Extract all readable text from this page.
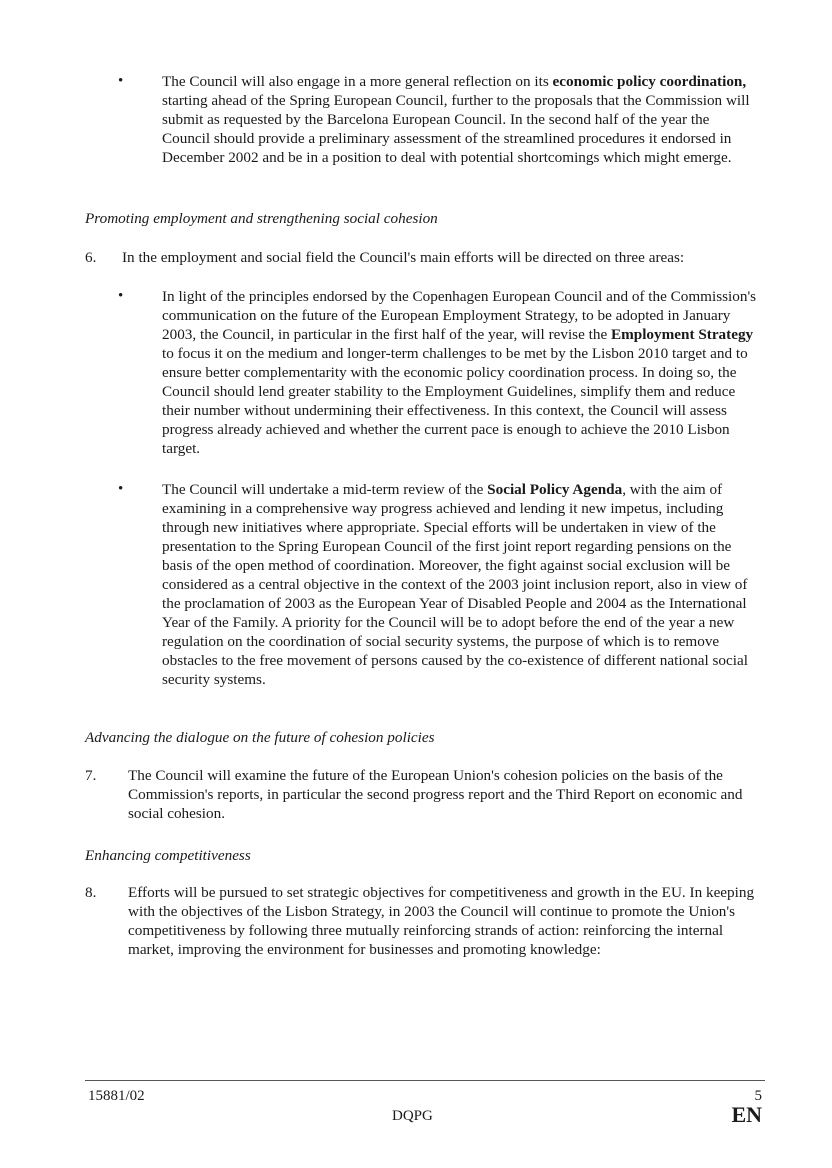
•	The Council will also engage in a more general reflection on its economic policy coordination, starting ahead of the Spring European Council, further to the proposals that the Commission will submit as requested by the Barcelona European Council. In the second half of the year the Council should provide a preliminary assessment of the streamlined procedures it endorsed in December 2002 and be in a position to deal with potential shortcomings which might emerge.
Promoting employment and strengthening social cohesion
6.	In the employment and social field the Council's main efforts will be directed on three areas:
•	In light of the principles endorsed by the Copenhagen European Council and of the Commission's communication on the future of the European Employment Strategy, to be adopted in January 2003, the Council, in particular in the first half of the year, will revise the Employment Strategy to focus it on the medium and longer-term challenges to be met by the Lisbon 2010 target and to ensure better complementarity with the economic policy coordination process. In doing so, the Council should lend greater stability to the Employment Guidelines, simplify them and reduce their number without undermining their effectiveness. In this context, the Council will assess progress already achieved and whether the current pace is enough to achieve the 2010 Lisbon target.
•	The Council will undertake a mid-term review of the Social Policy Agenda, with the aim of examining in a comprehensive way progress achieved and lending it new impetus, including through new initiatives where appropriate. Special efforts will be undertaken in view of the presentation to the Spring European Council of the first joint report regarding pensions on the basis of the open method of coordination. Moreover, the fight against social exclusion will be considered as a central objective in the context of the 2003 joint inclusion report, also in view of the proclamation of 2003 as the European Year of Disabled People and 2004 as the International Year of the Family. A priority for the Council will be to adopt before the end of the year a new regulation on the coordination of social security systems, the purpose of which is to remove obstacles to the free movement of persons caused by the co-existence of different national social security systems.
Advancing the dialogue on the future of cohesion policies
7.	The Council will examine the future of the European Union's cohesion policies on the basis of the Commission's reports, in particular the second progress report and the Third Report on economic and social cohesion.
Enhancing competitiveness
8.	Efforts will be pursued to set strategic objectives for competitiveness and growth in the EU. In keeping with the objectives of the Lisbon Strategy, in 2003 the Council will continue to promote the Union's competitiveness by following three mutually reinforcing strands of action: reinforcing the internal market, improving the environment for businesses and promoting knowledge:
15881/02
DQPG
5
EN
